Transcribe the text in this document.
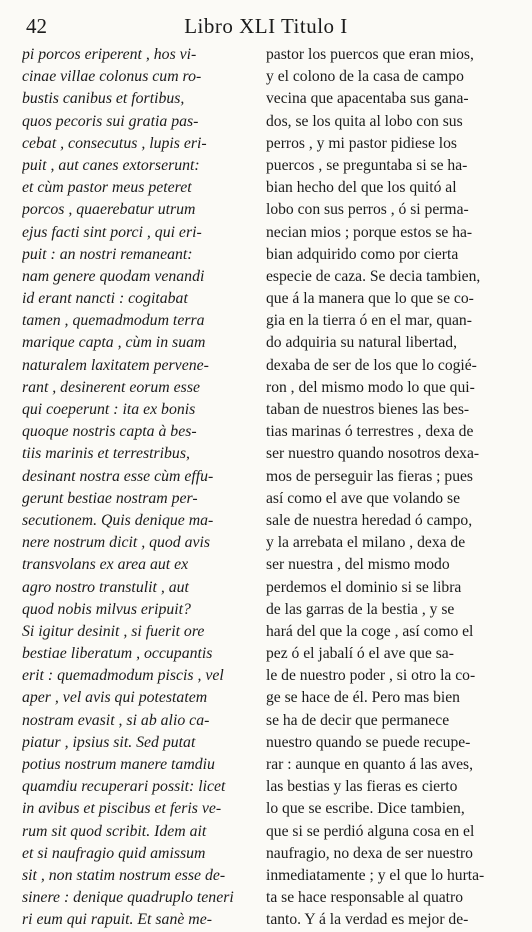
42	Libro XLI Titulo I
pi porcos eriperent , hos vi-
cinae villae colonus cum ro-
bustis canibus et fortibus,
quos pecoris sui gratia pas-
cebat , consecutus , lupis eri-
puit , aut canes extorserunt:
et cùm pastor meus peteret
porcos , quaerebatur utrum
ejus facti sint porci , qui eri-
puit : an nostri remaneant:
nam genere quodam venandi
id erant nancti : cogitabat
tamen , quemadmodum terra
marique capta , cùm in suam
naturalem laxitatem pervene-
rant , desinerent eorum esse
qui coeperunt : ita ex bonis
quoque nostris capta à bes-
tiis marinis et terrestribus,
desinant nostra esse cùm effu-
gerunt bestiae nostram per-
secutionem. Quis denique ma-
nere nostrum dicit , quod avis
transvolans ex area aut ex
agro nostro transtulit , aut
quod nobis milvus eripuit?
Si igitur desinit , si fuerit ore
bestiae liberatum , occupantis
erit : quemadmodum piscis , vel
aper , vel avis qui potestatem
nostram evasit , si ab alio ca-
piatur , ipsius sit. Sed putat
potius nostrum manere tamdiu
quamdiu recuperari possit: licet
in avibus et piscibus et feris ve-
rum sit quod scribit. Idem ait
et si naufragio quid amissum
sit , non statim nostrum esse de-
sinere : denique quadruplo teneri
ri eum qui rapuit. Et sanè me-
pastor los puercos que eran mios,
y el colono de la casa de campo
vecina que apacentaba sus gana-
dos, se los quita al lobo con sus
perros , y mi pastor pidiese los
puercos , se preguntaba si se ha-
bian hecho del que los quitó al
lobo con sus perros , ó si perma-
necian mios ; porque estos se ha-
bian adquirido como por cierta
especie de caza. Se decia tambien,
que á la manera que lo que se co-
gia en la tierra ó en el mar, quan-
do adquiria su natural libertad,
dexaba de ser de los que lo cogié-
ron , del mismo modo lo que qui-
taban de nuestros bienes las bes-
tias marinas ó terrestres , dexa de
ser nuestro quando nosotros dexa-
mos de perseguir las fieras ; pues
así como el ave que volando se
sale de nuestra heredad ó campo,
y la arrebata el milano , dexa de
ser nuestra , del mismo modo
perdemos el dominio si se libra
de las garras de la bestia , y se
hará del que la coge , así como el
pez ó el jabalí ó el ave que sa-
le de nuestro poder , si otro la co-
ge se hace de él. Pero mas bien
se ha de decir que permanece
nuestro quando se puede recupe-
rar : aunque en quanto á las aves,
las bestias y las fieras es cierto
lo que se escribe. Dice tambien,
que si se perdió alguna cosa en el
naufragio, no dexa de ser nuestro
inmediatamente ; y el que lo hurta-
ta se hace responsable al quatro
tanto. Y á la verdad es mejor de-
